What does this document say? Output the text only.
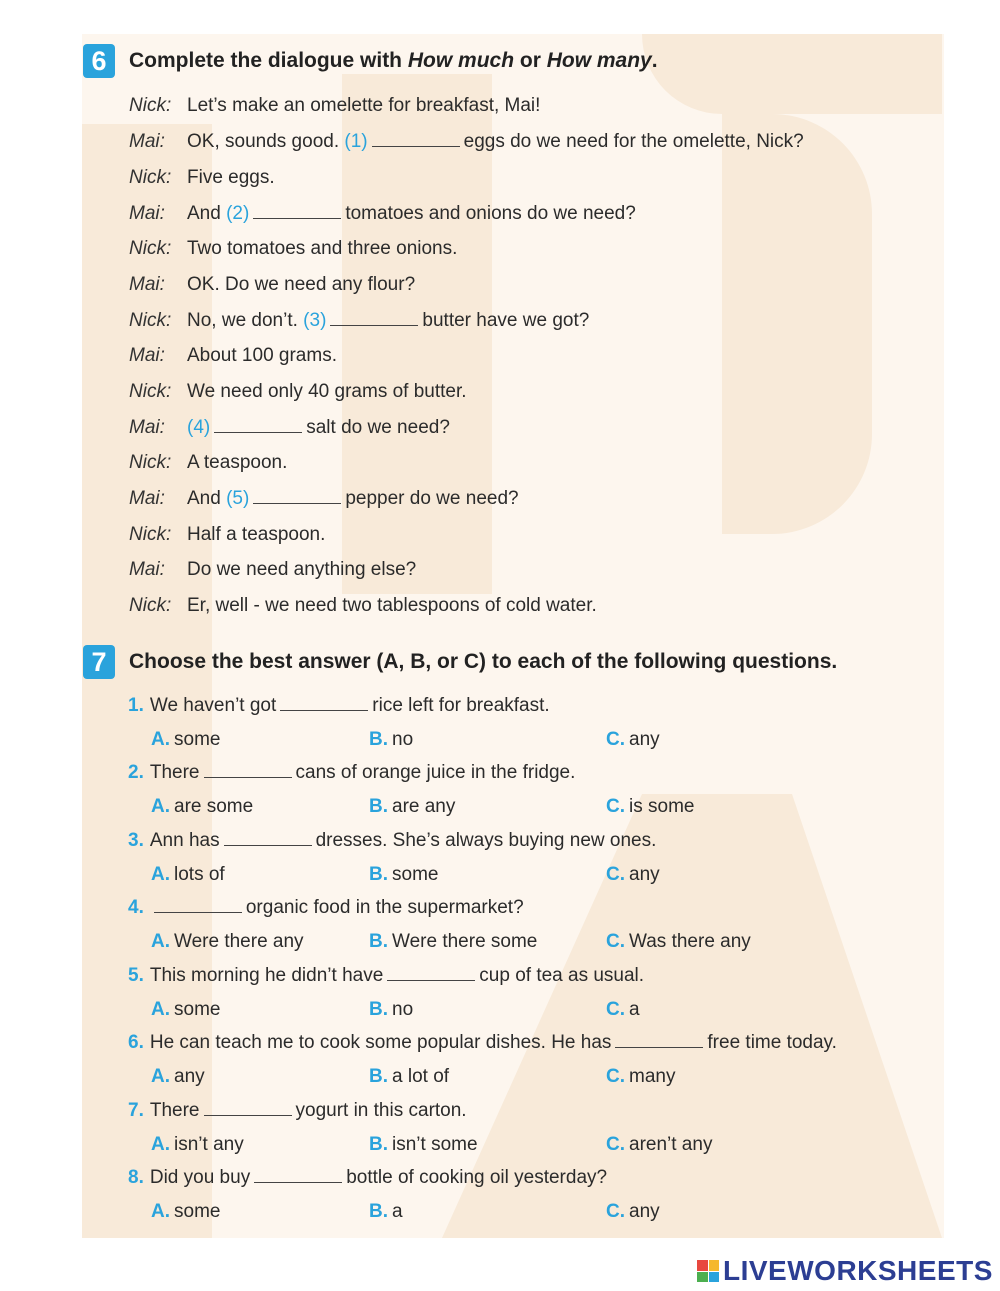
6	Complete the dialogue with How much or How many.
Nick: Let’s make an omelette for breakfast, Mai!
Mai: OK, sounds good. (1)	eggs do we need for the omelette, Nick?
Nick: Five eggs.
Mai: And (2)	tomatoes and onions do we need?
Nick: Two tomatoes and three onions.
Mai: OK. Do we need any flour?
Nick: No, we don’t. (3)	butter have we got?
Mai: About 100 grams.
Nick: We need only 40 grams of butter.
Mai: (4)	salt do we need?
Nick: A teaspoon.
Mai: And (5)	pepper do we need?
Nick: Half a teaspoon.
Mai: Do we need anything else?
Nick: Er, well - we need two tablespoons of cold water.
7	Choose the best answer (A, B, or C) to each of the following questions.
1. We haven’t got	rice left for breakfast.
A. some	B. no	C. any
2. There	cans of orange juice in the fridge.
A. are some	B. are any	C. is some
3. Ann has	dresses. She’s always buying new ones.
A. lots of	B. some	C. any
4.	organic food in the supermarket?
A. Were there any	B. Were there some	C. Was there any
5. This morning he didn’t have	cup of tea as usual.
A. some	B. no	C. a
6. He can teach me to cook some popular dishes. He has	free time today.
A. any	B. a lot of	C. many
7. There	yogurt in this carton.
A. isn’t any	B. isn’t some	C. aren’t any
8. Did you buy	bottle of cooking oil yesterday?
A. some	B. a	C. any
LIVEWORKSHEETS
